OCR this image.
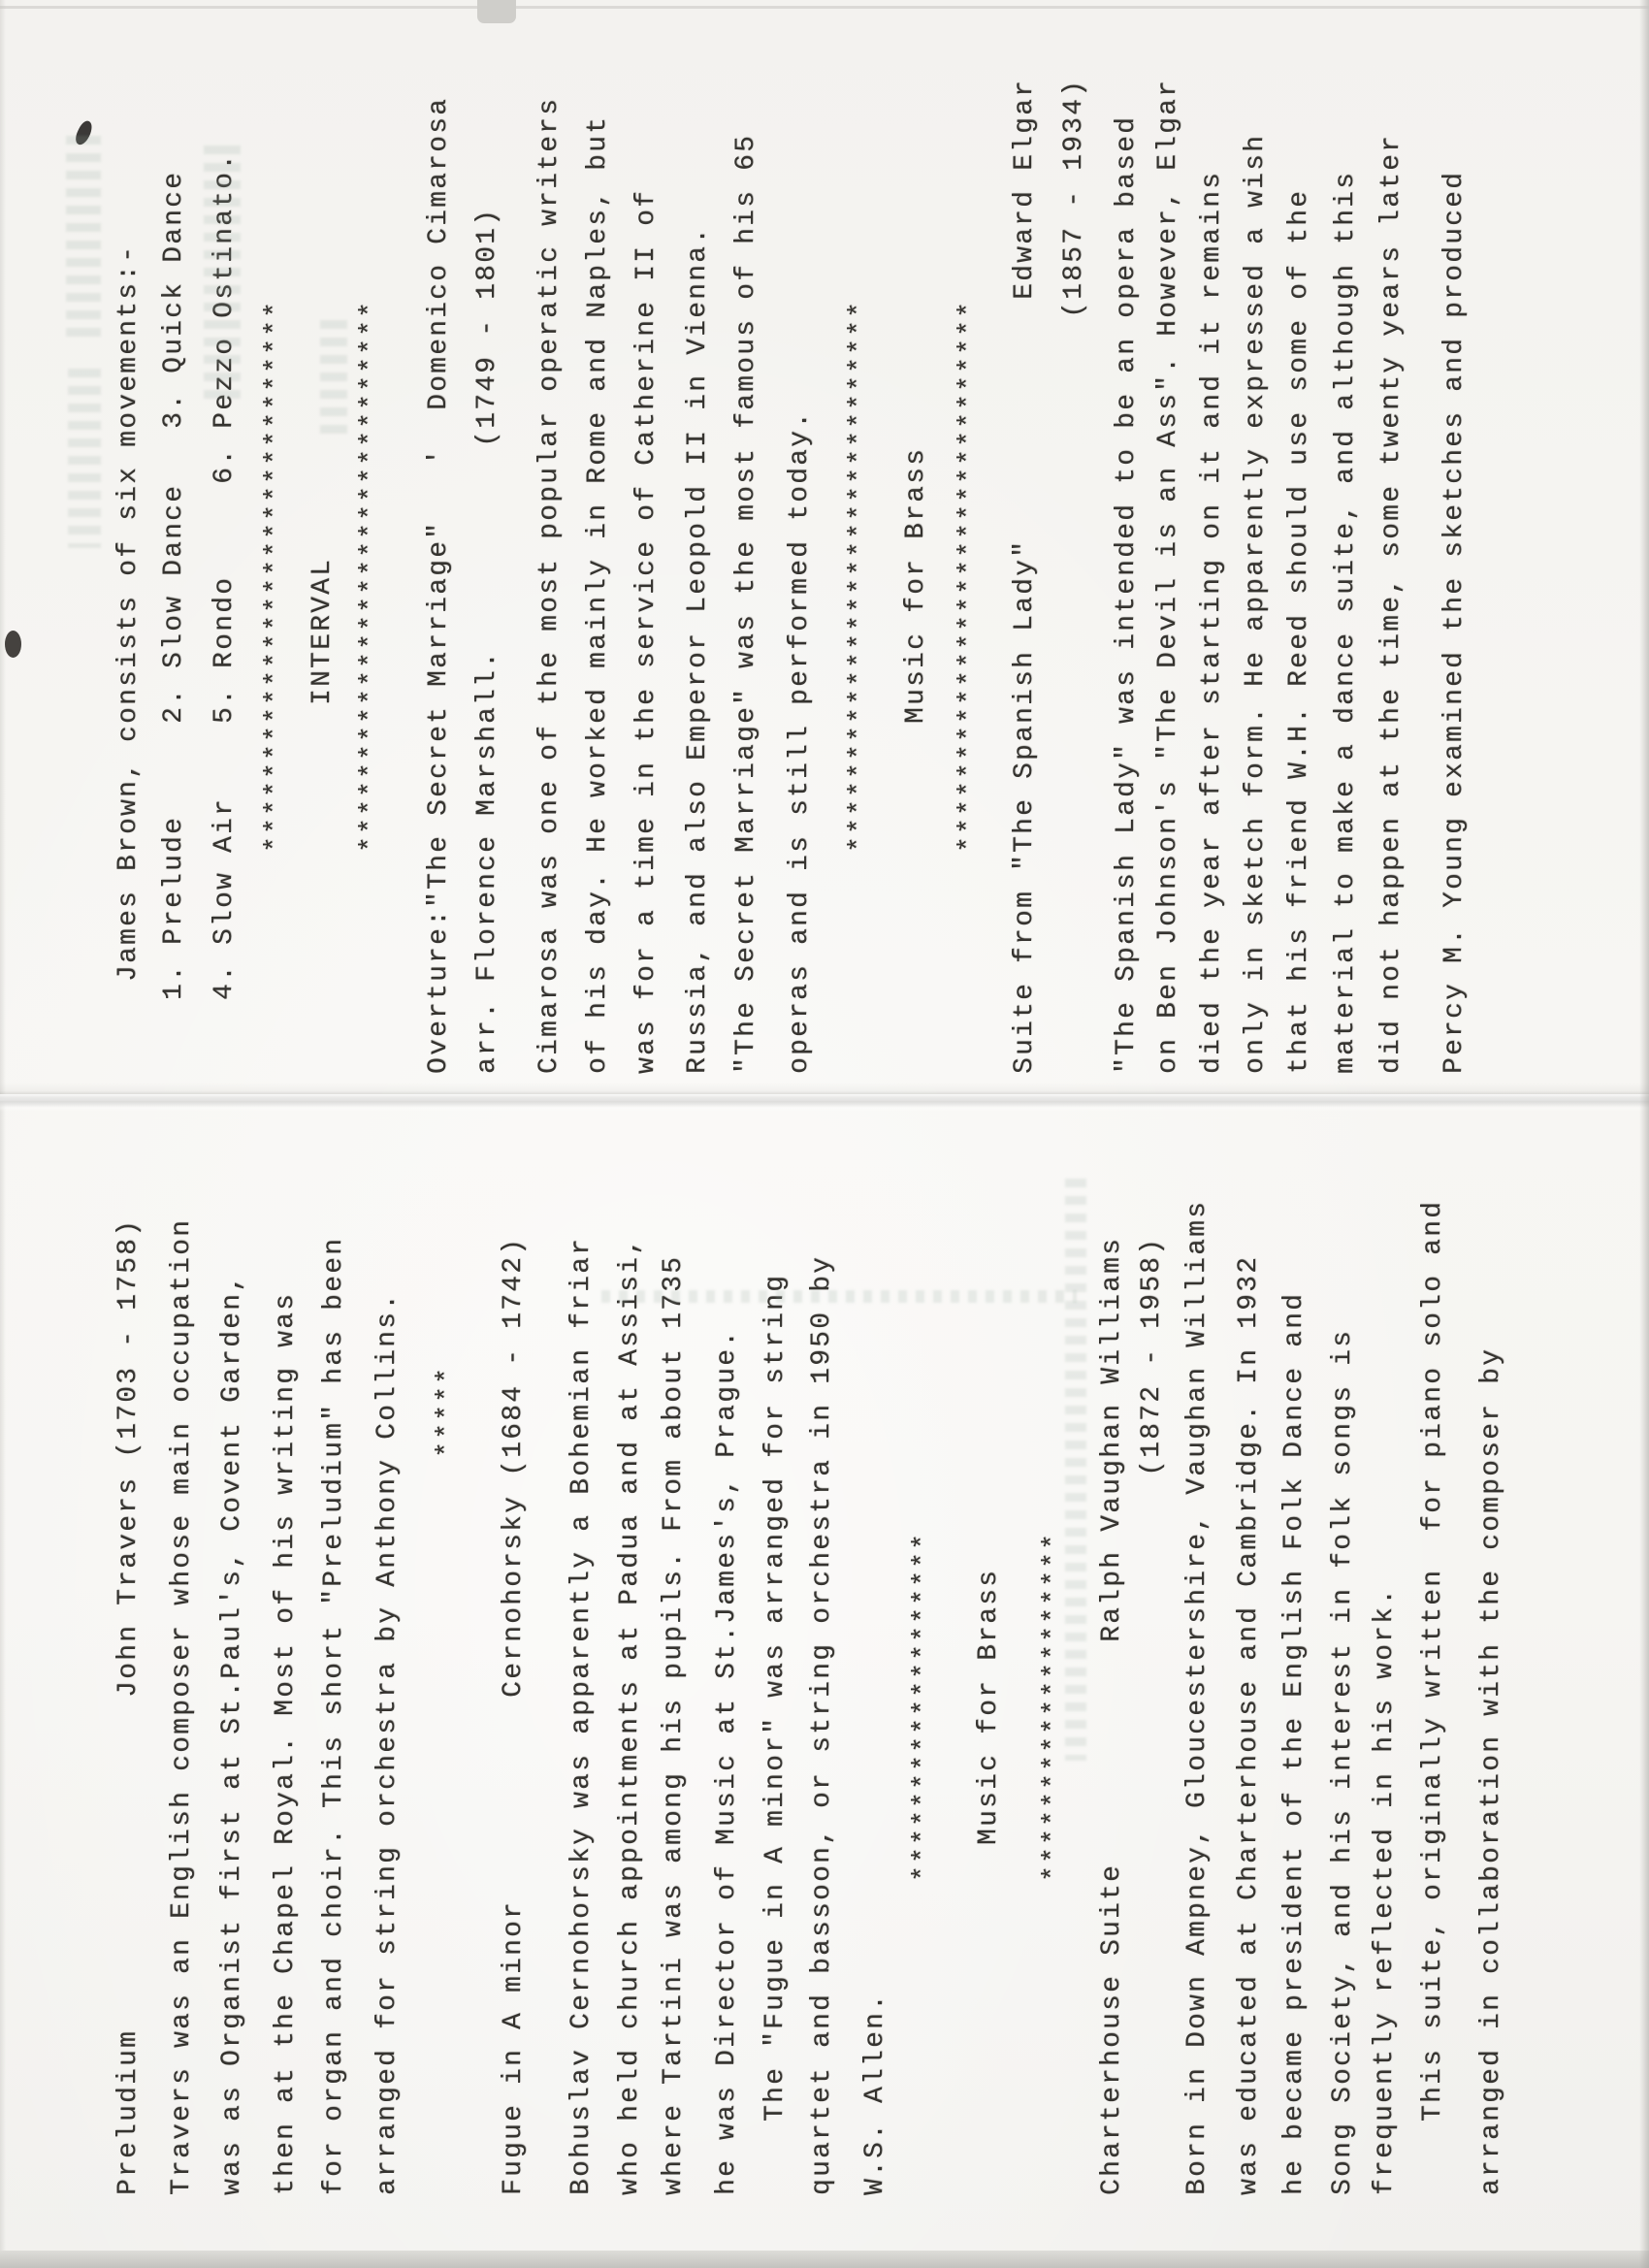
Preludium                  John Travers (1703 - 1758) Travers was an English composer whose main occupation was as Organist first at St.Paul's, Covent Garden, then at the Chapel Royal. Most of his writing was for organ and choir. This short "Preludium" has been arranged for string orchestra by Anthony Collins. ***** Fugue in A minor           Cernohorsky (1684 - 1742) Bohuslav Cernohorsky was apparently a Bohemian friar who held church appointments at Padua and at Assisi, where Tartini was among his pupils. From about 1735 he was Director of Music at St.James's, Prague. The "Fugue in A minor" was arranged for string quartet and bassoon, or string orchestra in 1950 by W.S. Allen. ******************* Music for Brass ******************* Charterhouse Suite            Ralph Vaughan Williams (1872 - 1958) Born in Down Ampney, Gloucestershire, Vaughan Williams was educated at Charterhouse and Cambridge. In 1932 he became president of the English Folk Dance and Song Society, and his interest in folk songs is frequently reflected in his work. This suite, originally written  for piano solo and arranged in collaboration with the composer by
James Brown, consists of six movements:- 1. Prelude     2. Slow Dance   3. Quick Dance 4. Slow Air    5. Rondo     6. Pezzo Ostinato. ****************************** INTERVAL ****************************** Overture:"The Secret Marriage"   '  Domenico Cimarosa arr. Florence Marshall.           (1749 - 1801) Cimarosa was one of the most popular operatic writers of his day. He worked mainly in Rome and Naples, but was for a time in the service of Catherine II of Russia, and also Emperor Leopold II in Vienna. "The Secret Marriage" was the most famous of his 65 operas and is still performed today. ****************************** Music for Brass ****************************** Suite from "The Spanish Lady"             Edward Elgar (1857 - 1934) "The Spanish Lady" was intended to be an opera based on Ben Johnson's "The Devil is an Ass". However, Elgar died the year after starting on it and it remains only in sketch form. He apparently expressed a wish that his friend W.H. Reed should use some of the material to make a dance suite, and although this did not happen at the time, some twenty years later Percy M. Young examined the sketches and produced
